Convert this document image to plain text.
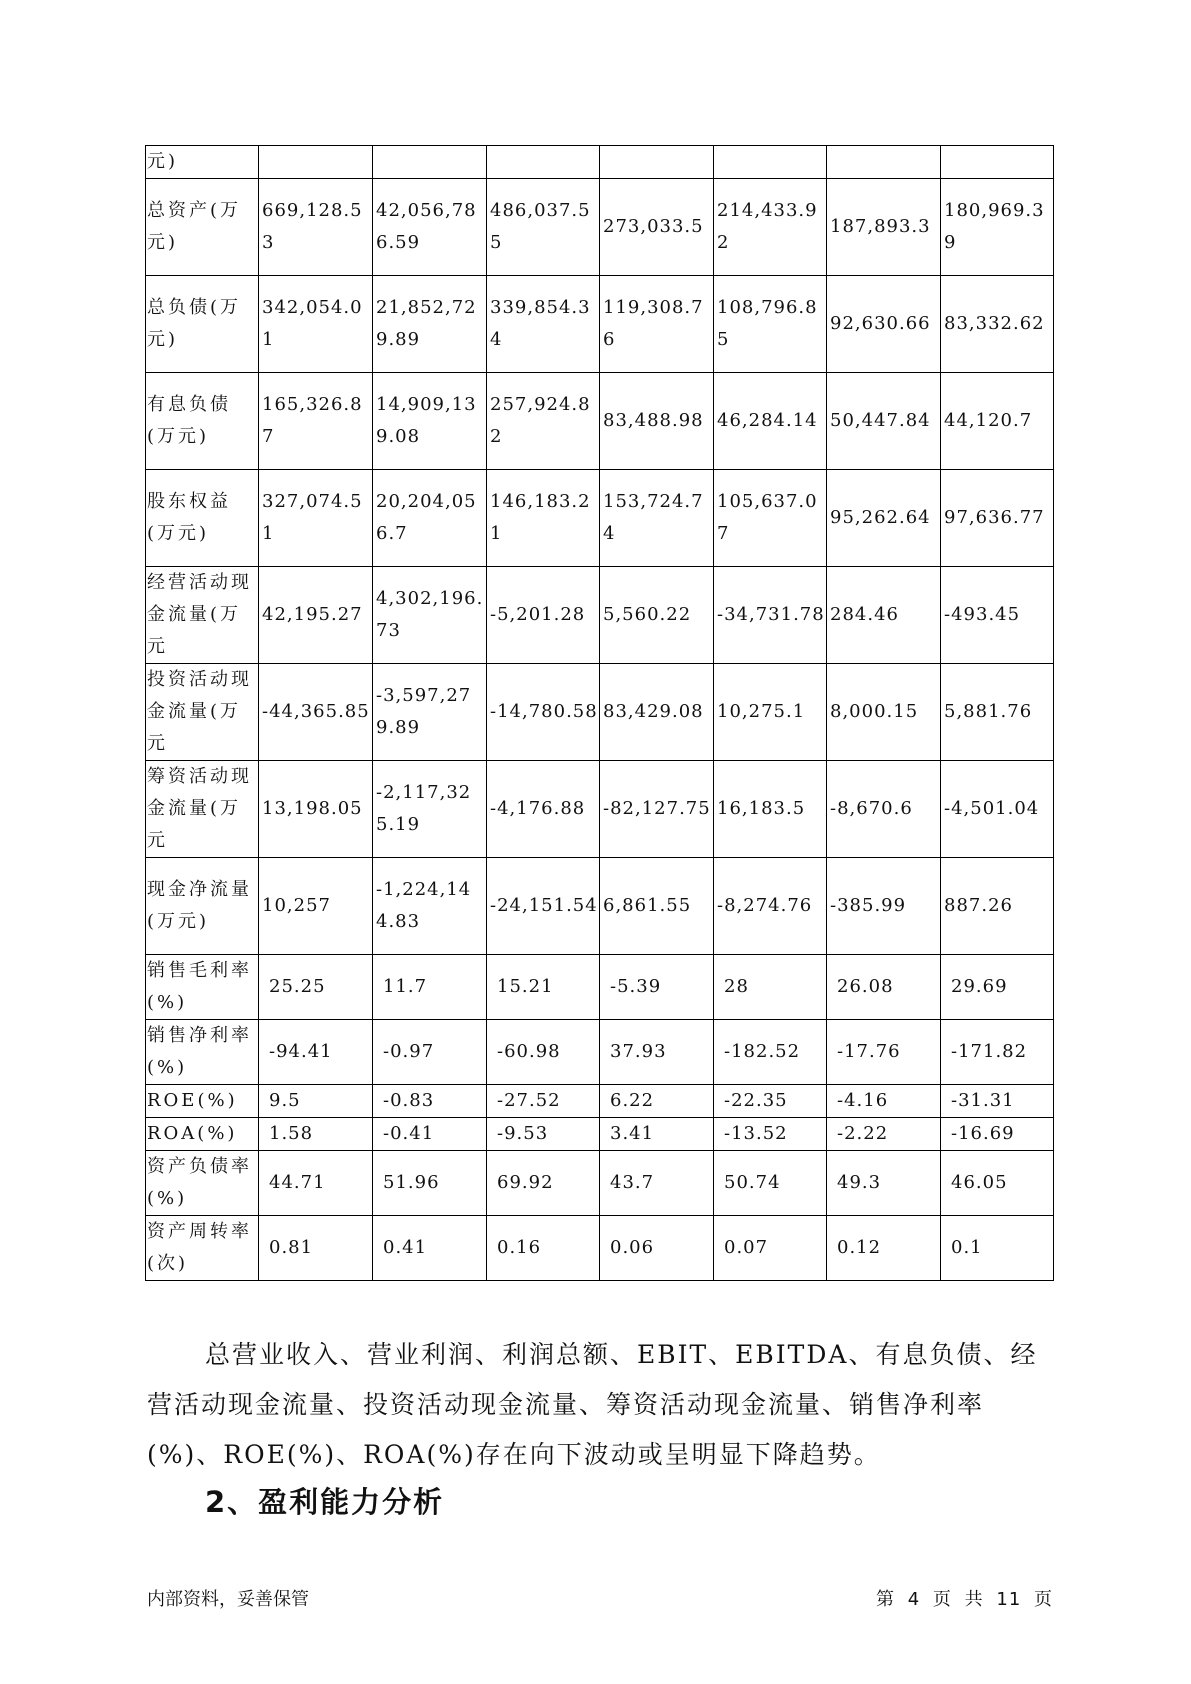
元)							
总资产(万元)	669,128.53	42,056,786.59	486,037.55	273,033.5	214,433.92	187,893.3	180,969.39
总负债(万元)	342,054.01	21,852,729.89	339,854.34	119,308.76	108,796.85	92,630.66	83,332.62
有息负债(万元)	165,326.87	14,909,139.08	257,924.82	83,488.98	46,284.14	50,447.84	44,120.7
股东权益(万元)	327,074.51	20,204,056.7	146,183.21	153,724.74	105,637.07	95,262.64	97,636.77
经营活动现金流量(万元	42,195.27	4,302,196.73	-5,201.28	5,560.22	-34,731.78	284.46	-493.45
投资活动现金流量(万元	-44,365.85	-3,597,279.89	-14,780.58	83,429.08	10,275.1	8,000.15	5,881.76
筹资活动现金流量(万元	13,198.05	-2,117,325.19	-4,176.88	-82,127.75	16,183.5	-8,670.6	-4,501.04
现金净流量(万元)	10,257	-1,224,144.83	-24,151.54	6,861.55	-8,274.76	-385.99	887.26
销售毛利率(%)	25.25	11.7	15.21	-5.39	28	26.08	29.69
销售净利率(%)	-94.41	-0.97	-60.98	37.93	-182.52	-17.76	-171.82
ROE(%)	9.5	-0.83	-27.52	6.22	-22.35	-4.16	-31.31
ROA(%)	1.58	-0.41	-9.53	3.41	-13.52	-2.22	-16.69
资产负债率(%)	44.71	51.96	69.92	43.7	50.74	49.3	46.05
资产周转率(次)	0.81	0.41	0.16	0.06	0.07	0.12	0.1

总营业收入、营业利润、利润总额、EBIT、EBITDA、有息负债、经营活动现金流量、投资活动现金流量、筹资活动现金流量、销售净利率(%)、ROE(%)、ROA(%)存在向下波动或呈明显下降趋势。

2、盈利能力分析
内部资料，妥善保管	第 4 页 共 11 页
